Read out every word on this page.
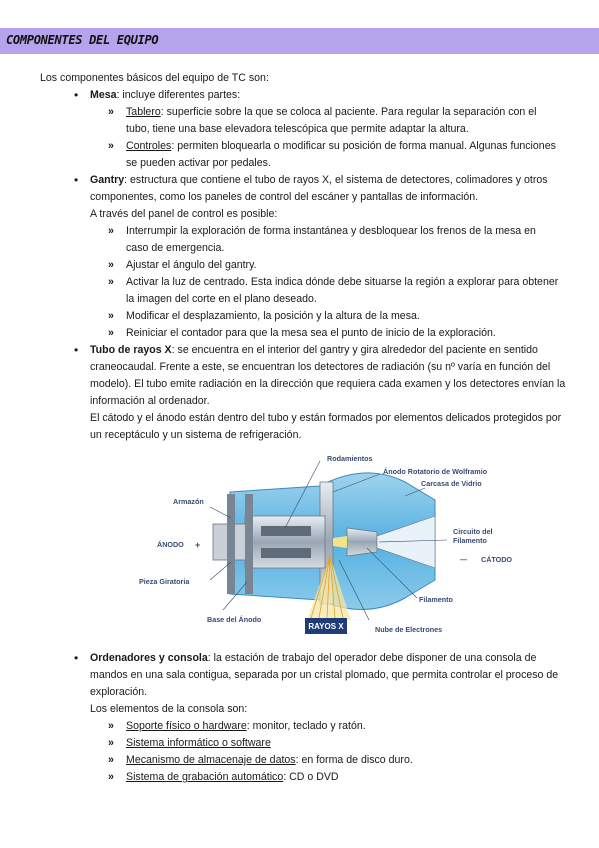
COMPONENTES DEL EQUIPO
Los componentes básicos del equipo de TC son:
• Mesa: incluye diferentes partes:
» Tablero: superficie sobre la que se coloca al paciente. Para regular la separación con el tubo, tiene una base elevadora telescópica que permite adaptar la altura.
» Controles: permiten bloquearla o modificar su posición de forma manual. Algunas funciones se pueden activar por pedales.
• Gantry: estructura que contiene el tubo de rayos X, el sistema de detectores, colimadores y otros componentes, como los paneles de control del escáner y pantallas de información.
A través del panel de control es posible:
» Interrumpir la exploración de forma instantánea y desbloquear los frenos de la mesa en caso de emergencia.
» Ajustar el ángulo del gantry.
» Activar la luz de centrado. Esta indica dónde debe situarse la región a explorar para obtener la imagen del corte en el plano deseado.
» Modificar el desplazamiento, la posición y la altura de la mesa.
» Reiniciar el contador para que la mesa sea el punto de inicio de la exploración.
• Tubo de rayos X: se encuentra en el interior del gantry y gira alrededor del paciente en sentido craneocaudal. Frente a este, se encuentran los detectores de radiación (su nº varía en función del modelo). El tubo emite radiación en la dirección que requiera cada examen y los detectores envían la información al ordenador.
El cátodo y el ánodo están dentro del tubo y están formados por elementos delicados protegidos por un receptáculo y un sistema de refrigeración.
RAYOS X
Rodamientos
Ánodo Rotatorio de Wolframio
Carcasa de Vidrio
Armazón
ÁNODO +
Circuito del
Filamento
— CÁTODO
Pieza Giratoria
Filamento
Base del Ánodo
Nube de Electrones
• Ordenadores y consola: la estación de trabajo del operador debe disponer de una consola de mandos en una sala contigua, separada por un cristal plomado, que permita controlar el proceso de exploración.
Los elementos de la consola son:
» Soporte físico o hardware: monitor, teclado y ratón.
» Sistema informático o software
» Mecanismo de almacenaje de datos: en forma de disco duro.
» Sistema de grabación automático: CD o DVD
